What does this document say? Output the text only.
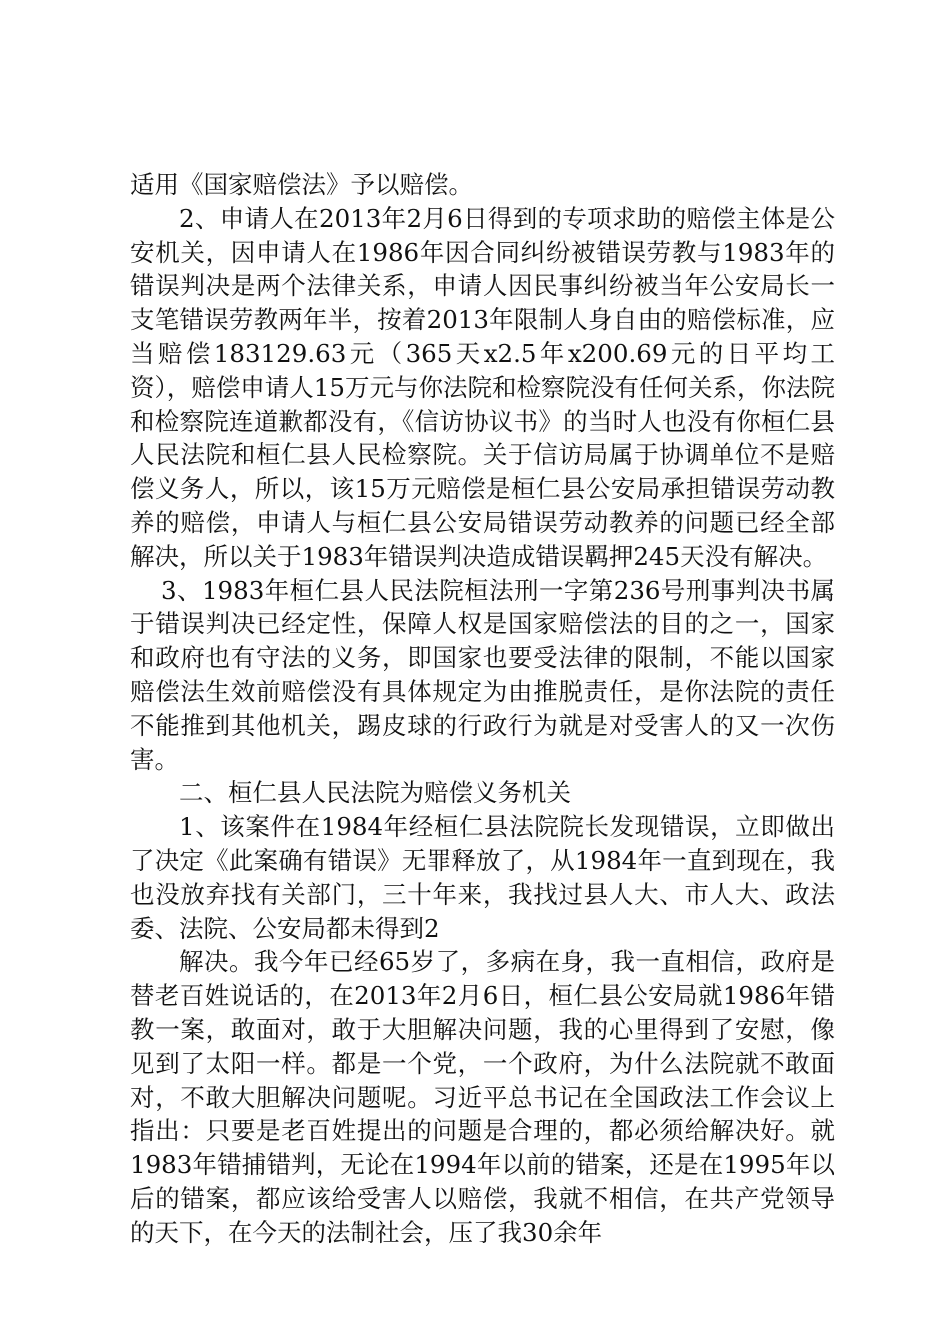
适用《国家赔偿法》予以赔偿。

2、申请人在2013年2月6日得到的专项求助的赔偿主体是公安机关，因申请人在1986年因合同纠纷被错误劳教与1983年的错误判决是两个法律关系，申请人因民事纠纷被当年公安局长一支笔错误劳教两年半，按着2013年限制人身自由的赔偿标准，应当赔偿183129.63元（365天x2.5年x200.69元的日平均工资），赔偿申请人15万元与你法院和检察院没有任何关系，你法院和检察院连道歉都没有，《信访协议书》的当时人也没有你桓仁县人民法院和桓仁县人民检察院。关于信访局属于协调单位不是赔偿义务人，所以，该15万元赔偿是桓仁县公安局承担错误劳动教养的赔偿，申请人与桓仁县公安局错误劳动教养的问题已经全部解决，所以关于1983年错误判决造成错误羁押245天没有解决。

3、1983年桓仁县人民法院桓法刑一字第236号刑事判决书属于错误判决已经定性，保障人权是国家赔偿法的目的之一，国家和政府也有守法的义务，即国家也要受法律的限制，不能以国家赔偿法生效前赔偿没有具体规定为由推脱责任，是你法院的责任不能推到其他机关，踢皮球的行政行为就是对受害人的又一次伤害。

二、桓仁县人民法院为赔偿义务机关

1、该案件在1984年经桓仁县法院院长发现错误，立即做出了决定《此案确有错误》无罪释放了，从1984年一直到现在，我也没放弃找有关部门，三十年来，我找过县人大、市人大、政法委、法院、公安局都未得到2

解决。我今年已经65岁了，多病在身，我一直相信，政府是替老百姓说话的，在2013年2月6日，桓仁县公安局就1986年错教一案，敢面对，敢于大胆解决问题，我的心里得到了安慰，像见到了太阳一样。都是一个党，一个政府，为什么法院就不敢面对，不敢大胆解决问题呢。习近平总书记在全国政法工作会议上指出：只要是老百姓提出的问题是合理的，都必须给解决好。就1983年错捕错判，无论在1994年以前的错案，还是在1995年以后的错案，都应该给受害人以赔偿，我就不相信，在共产党领导的天下，在今天的法制社会，压了我30余年
